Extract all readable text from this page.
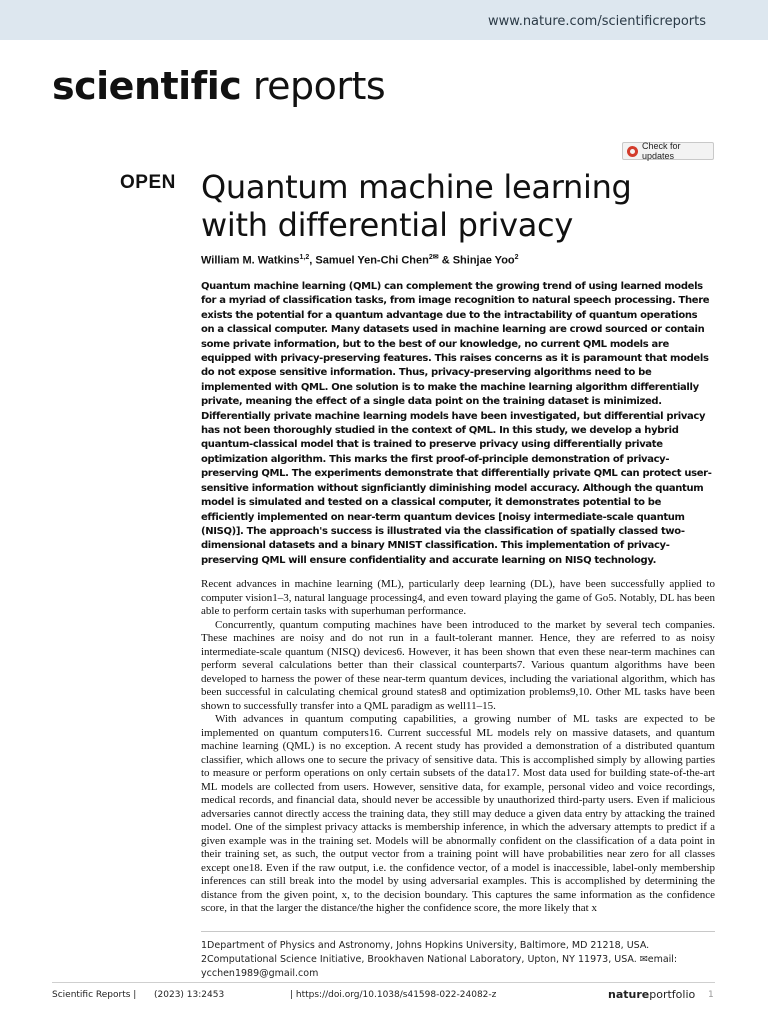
www.nature.com/scientificreports
scientific reports
Check for updates
OPEN Quantum machine learning with differential privacy
William M. Watkins$^{1,2}$, Samuel Yen-Chi Chen$^{2✉}$ & Shinjae Yoo$^2$

Quantum machine learning (QML) can complement the growing trend of using learned models for a myriad of classification tasks, from image recognition to natural speech processing. There exists the potential for a quantum advantage due to the intractability of quantum operations on a classical computer. Many datasets used in machine learning are crowd sourced or contain some private information, but to the best of our knowledge, no current QML models are equipped with privacy-preserving features. This raises concerns as it is paramount that models do not expose sensitive information. Thus, privacy-preserving algorithms need to be implemented with QML. One solution is to make the machine learning algorithm differentially private, meaning the effect of a single data point on the training dataset is minimized. Differentially private machine learning models have been investigated, but differential privacy has not been thoroughly studied in the context of QML. In this study, we develop a hybrid quantum-classical model that is trained to preserve privacy using differentially private optimization algorithm. This marks the first proof-of-principle demonstration of privacy-preserving QML. The experiments demonstrate that differentially private QML can protect user-sensitive information without signficiantly diminishing model accuracy. Although the quantum model is simulated and tested on a classical computer, it demonstrates potential to be efficiently implemented on near-term quantum devices [noisy intermediate-scale quantum (NISQ)]. The approach's success is illustrated via the classification of spatially classed two-dimensional datasets and a binary MNIST classification. This implementation of privacy-preserving QML will ensure confidentiality and accurate learning on NISQ technology.

Recent advances in machine learning (ML), particularly deep learning (DL), have been successfully applied to computer vision1–3, natural language processing4, and even toward playing the game of Go5. Notably, DL has been able to perform certain tasks with superhuman performance.

Concurrently, quantum computing machines have been introduced to the market by several tech companies. These machines are noisy and do not run in a fault-tolerant manner. Hence, they are referred to as noisy intermediate-scale quantum (NISQ) devices6. However, it has been shown that even these near-term machines can perform several calculations better than their classical counterparts7. Various quantum algorithms have been developed to harness the power of these near-term quantum devices, including the variational algorithm, which has been successful in calculating chemical ground states8 and optimization problems9,10. Other ML tasks have been shown to successfully transfer into a QML paradigm as well11–15.

With advances in quantum computing capabilities, a growing number of ML tasks are expected to be implemented on quantum computers16. Current successful ML models rely on massive datasets, and quantum machine learning (QML) is no exception. A recent study has provided a demonstration of a distributed quantum classifier, which allows one to secure the privacy of sensitive data. This is accomplished simply by allowing parties to measure or perform operations on only certain subsets of the data17. Most data used for building state-of-the-art ML models are collected from users. However, sensitive data, for example, personal video and voice recordings, medical records, and financial data, should never be accessible by unauthorized third-party users. Even if malicious adversaries cannot directly access the training data, they still may deduce a given data entry by attacking the trained model. One of the simplest privacy attacks is membership inference, in which the adversary attempts to predict if a given example was in the training set. Models will be abnormally confident on the classification of a data point in their training set, as such, the output vector from a training point will have probabilities near zero for all classes except one18. Even if the raw output, i.e. the confidence vector, of a model is inaccessible, label-only membership inferences can still break into the model by using adversarial examples. This is accomplished by determining the distance from the given point, x, to the decision boundary. This captures the same information as the confidence score, in that the larger the distance/the higher the confidence score, the more likely that x

1Department of Physics and Astronomy, Johns Hopkins University, Baltimore, MD 21218, USA. 2Computational Science Initiative, Brookhaven National Laboratory, Upton, NY 11973, USA. ✉email: ycchen1989@gmail.com
Scientific Reports | (2023) 13:2453	| https://doi.org/10.1038/s41598-022-24082-z	natureportfolio 1
